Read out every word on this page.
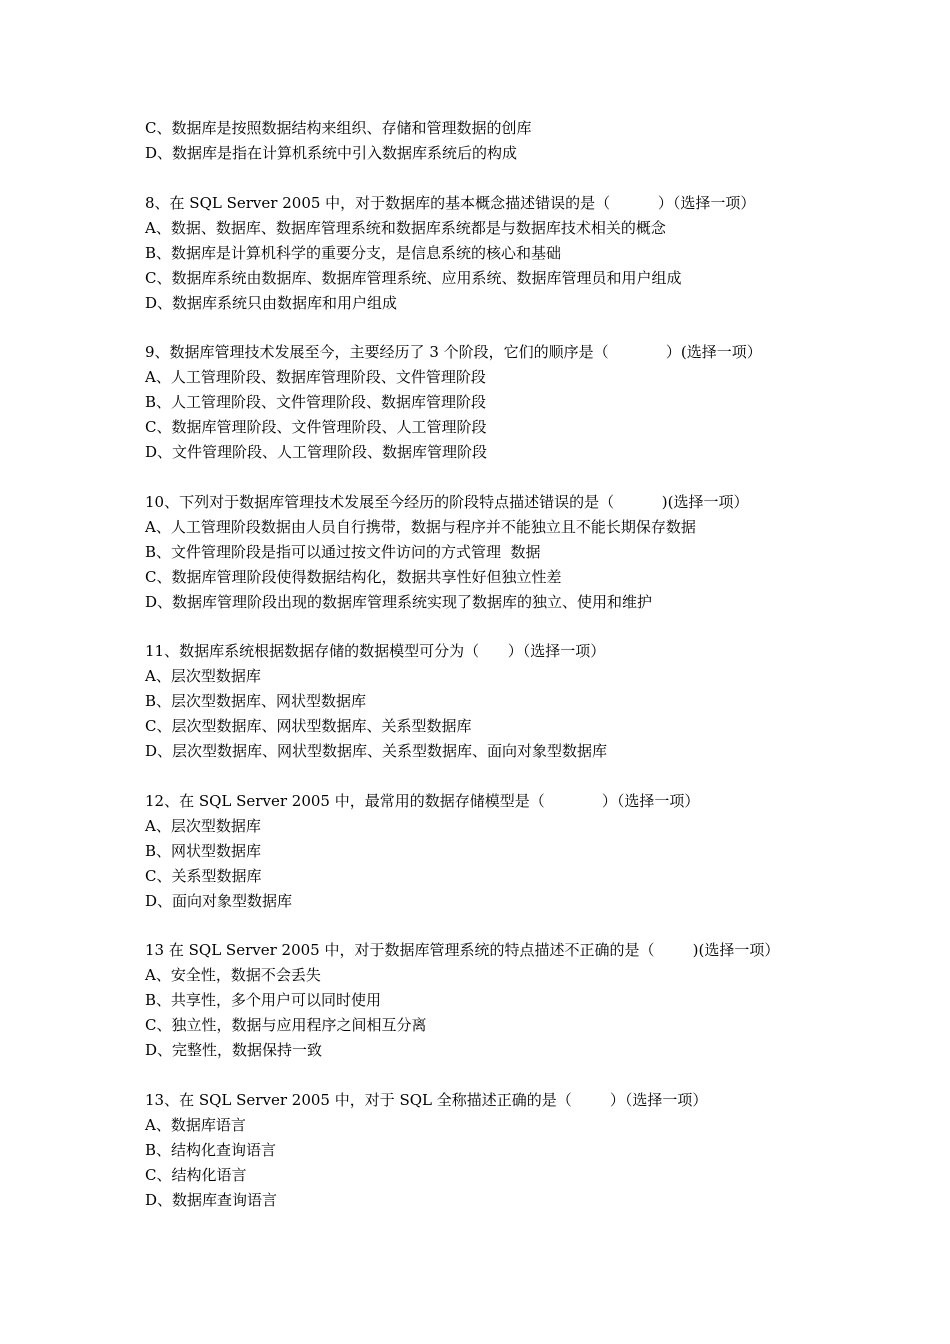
C、数据库是按照数据结构来组织、存储和管理数据的创库
D、数据库是指在计算机系统中引入数据库系统后的构成
8、在 SQL Server 2005 中，对于数据库的基本概念描述错误的是（          ）（选择一项）
A、数据、数据库、数据库管理系统和数据库系统都是与数据库技术相关的概念
B、数据库是计算机科学的重要分支，是信息系统的核心和基础
C、数据库系统由数据库、数据库管理系统、应用系统、数据库管理员和用户组成
D、数据库系统只由数据库和用户组成
9、数据库管理技术发展至今，主要经历了 3 个阶段，它们的顺序是（            ）(选择一项）
A、人工管理阶段、数据库管理阶段、文件管理阶段
B、人工管理阶段、文件管理阶段、数据库管理阶段
C、数据库管理阶段、文件管理阶段、人工管理阶段
D、文件管理阶段、人工管理阶段、数据库管理阶段
10、下列对于数据库管理技术发展至今经历的阶段特点描述错误的是（          )(选择一项）
A、人工管理阶段数据由人员自行携带，数据与程序并不能独立且不能长期保存数据
B、文件管理阶段是指可以通过按文件访问的方式管理  数据
C、数据库管理阶段使得数据结构化，数据共享性好但独立性差
D、数据库管理阶段出现的数据库管理系统实现了数据库的独立、使用和维护
11、数据库系统根据数据存储的数据模型可分为（      ）（选择一项）
A、层次型数据库
B、层次型数据库、网状型数据库
C、层次型数据库、网状型数据库、关系型数据库
D、层次型数据库、网状型数据库、关系型数据库、面向对象型数据库
12、在 SQL Server 2005 中，最常用的数据存储模型是（            ）（选择一项）
A、层次型数据库
B、网状型数据库
C、关系型数据库
D、面向对象型数据库
13 在 SQL Server 2005 中，对于数据库管理系统的特点描述不正确的是（        )(选择一项）
A、安全性，数据不会丢失
B、共享性，多个用户可以同时使用
C、独立性，数据与应用程序之间相互分离
D、完整性，数据保持一致
13、在 SQL Server 2005 中，对于 SQL 全称描述正确的是（        ）（选择一项）
A、数据库语言
B、结构化查询语言
C、结构化语言
D、数据库查询语言
